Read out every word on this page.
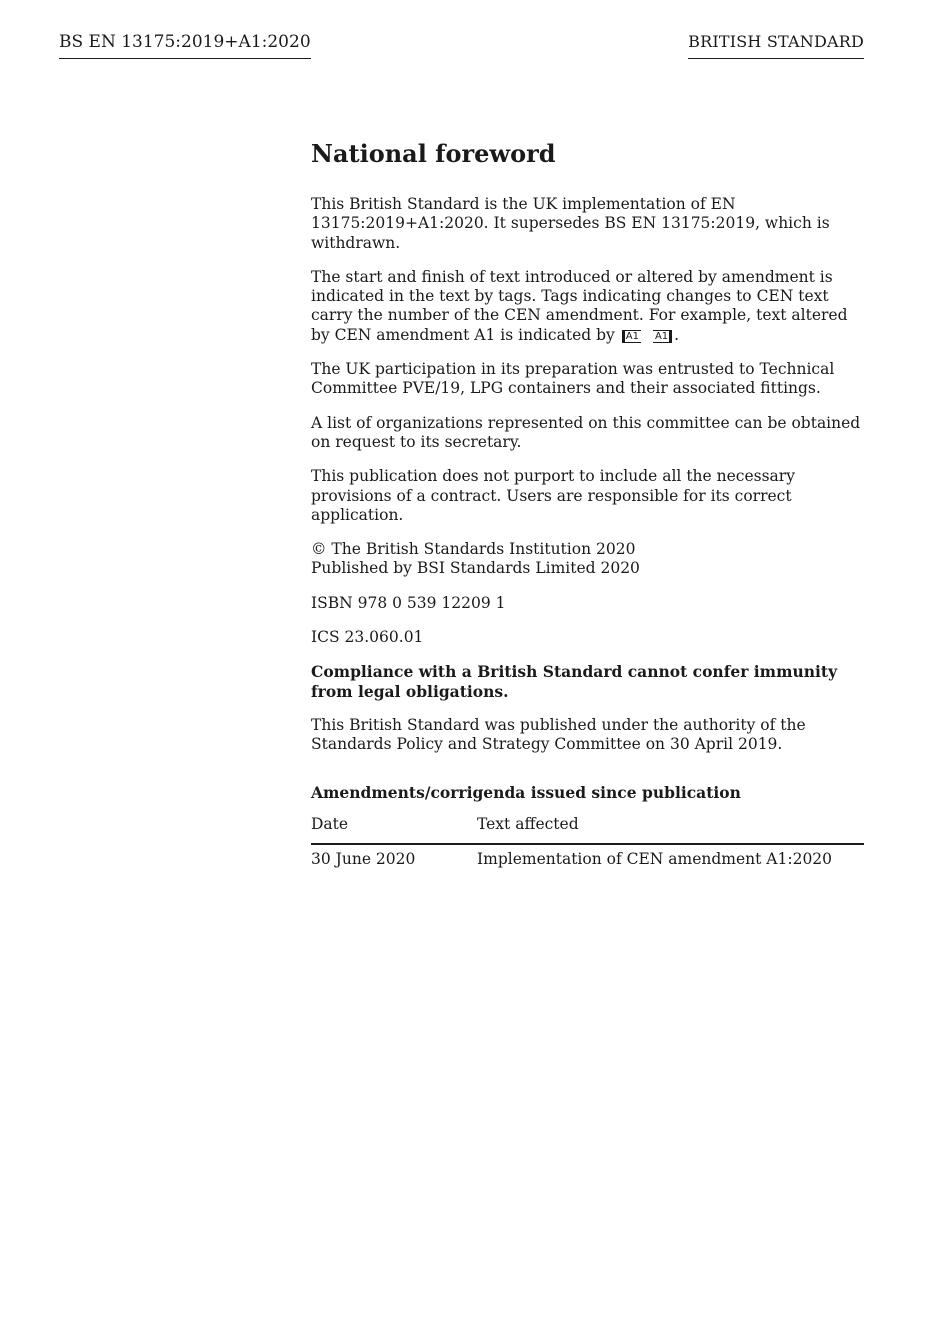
BS EN 13175:2019+A1:2020	BRITISH STANDARD
National foreword

This British Standard is the UK implementation of EN 13175:2019+A1:2020. It supersedes BS EN 13175:2019, which is withdrawn.

The start and finish of text introduced or altered by amendment is indicated in the text by tags. Tags indicating changes to CEN text carry the number of the CEN amendment. For example, text altered by CEN amendment A1 is indicated by A1 A1 .

The UK participation in its preparation was entrusted to Technical Committee PVE/19, LPG containers and their associated fittings.

A list of organizations represented on this committee can be obtained on request to its secretary.

This publication does not purport to include all the necessary provisions of a contract. Users are responsible for its correct application.

© The British Standards Institution 2020
Published by BSI Standards Limited 2020

ISBN 978 0 539 12209 1

ICS 23.060.01

Compliance with a British Standard cannot confer immunity from legal obligations.

This British Standard was published under the authority of the Standards Policy and Strategy Committee on 30 April 2019.

Amendments/corrigenda issued since publication
Date	Text affected
30 June 2020	Implementation of CEN amendment A1:2020
